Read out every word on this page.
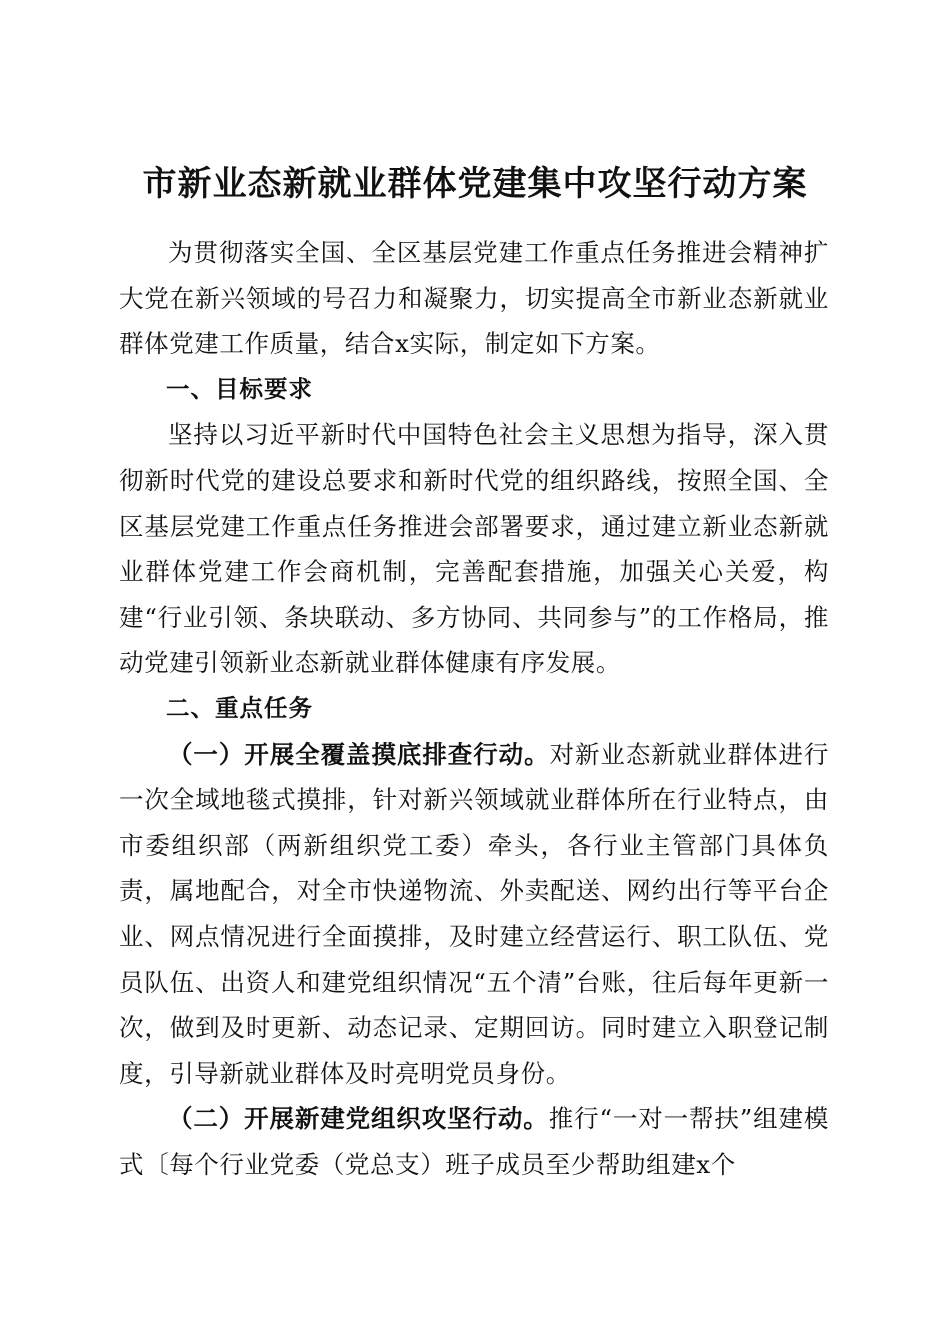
市新业态新就业群体党建集中攻坚行动方案

为贯彻落实全国、全区基层党建工作重点任务推进会精神扩大党在新兴领域的号召力和凝聚力，切实提高全市新业态新就业群体党建工作质量，结合x实际，制定如下方案。

一、目标要求

坚持以习近平新时代中国特色社会主义思想为指导，深入贯彻新时代党的建设总要求和新时代党的组织路线，按照全国、全区基层党建工作重点任务推进会部署要求，通过建立新业态新就业群体党建工作会商机制，完善配套措施，加强关心关爱，构建“行业引领、条块联动、多方协同、共同参与”的工作格局，推动党建引领新业态新就业群体健康有序发展。

二、重点任务

（一）开展全覆盖摸底排查行动。对新业态新就业群体进行一次全域地毯式摸排，针对新兴领域就业群体所在行业特点，由市委组织部（两新组织党工委）牵头，各行业主管部门具体负责，属地配合，对全市快递物流、外卖配送、网约出行等平台企业、网点情况进行全面摸排，及时建立经营运行、职工队伍、党员队伍、出资人和建党组织情况“五个清”台账，往后每年更新一次，做到及时更新、动态记录、定期回访。同时建立入职登记制度，引导新就业群体及时亮明党员身份。

（二）开展新建党组织攻坚行动。推行“一对一帮扶”组建模式〔每个行业党委（党总支）班子成员至少帮助组建x个
